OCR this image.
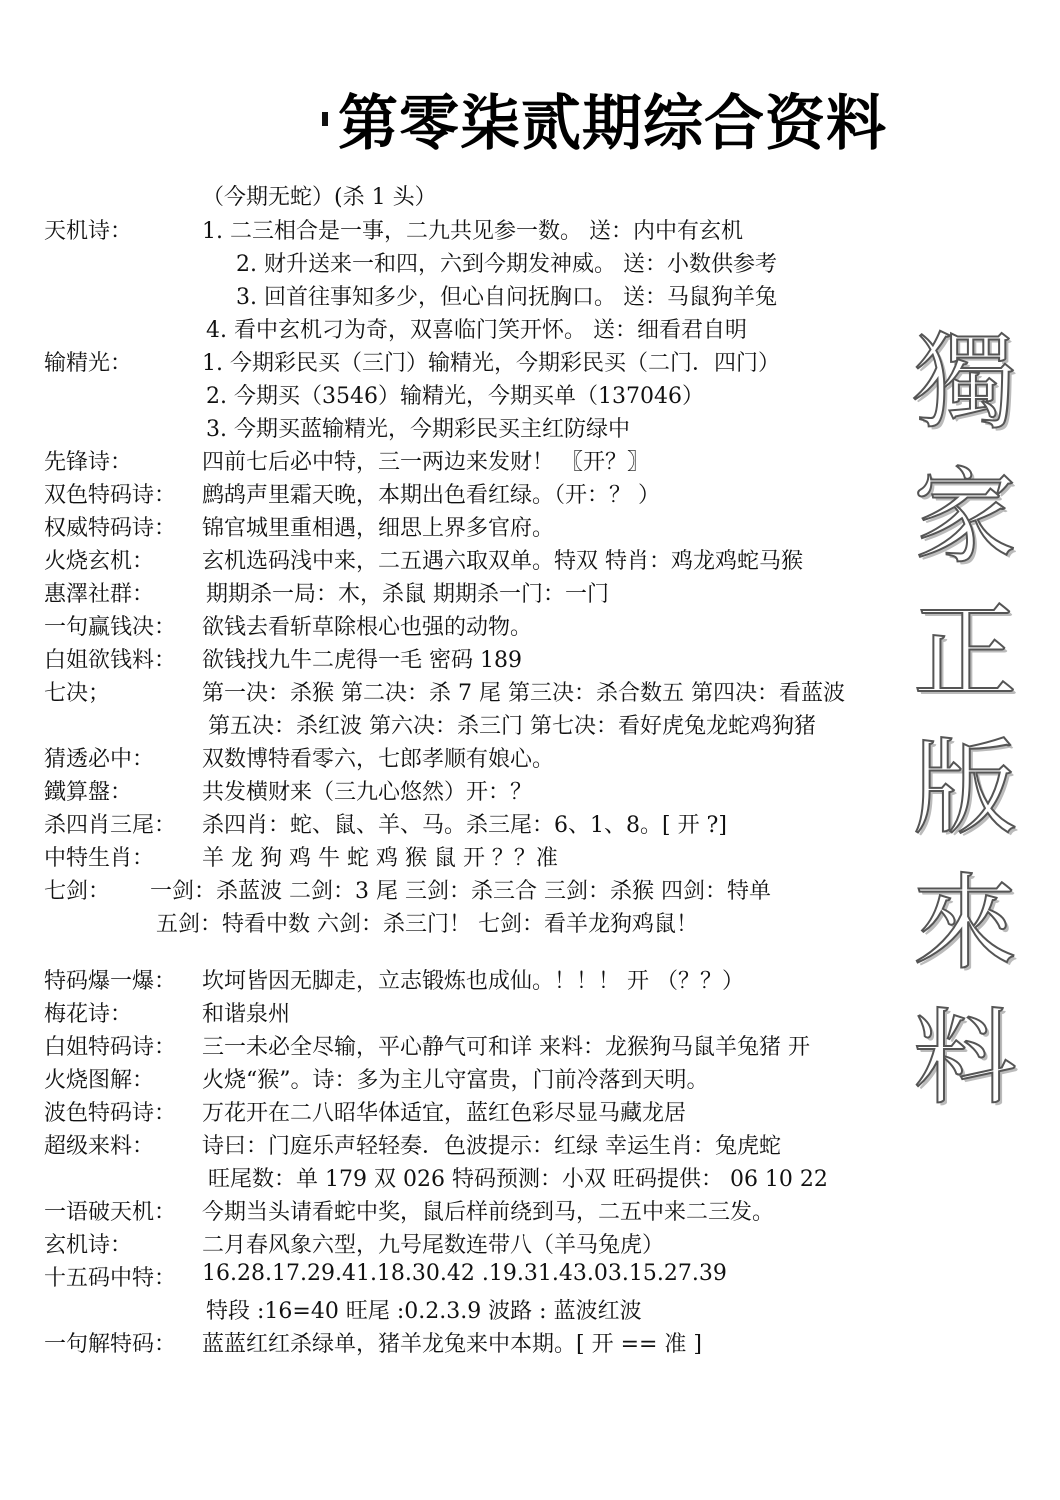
第零柒贰期综合资料
（今期无蛇）(杀 1 头）
天机诗：	1. 二三相合是一事，二九共见参一数。 送：内中有玄机
2. 财升送来一和四，六到今期发神威。 送：小数供参考
3. 回首往事知多少，但心自问抚胸口。 送：马鼠狗羊兔
4. 看中玄机刁为奇，双喜临门笑开怀。 送：细看君自明
输精光：	1. 今期彩民买（三门）输精光，今期彩民买（二门．四门）
2. 今期买（3546）输精光，今期买单（137046）
3. 今期买蓝输精光，今期彩民买主红防绿中
先锋诗：	四前七后必中特，三一两边来发财！ 〖开？〗
双色特码诗： 鹧鸪声里霜天晚，本期出色看红绿。（开：？ ）
权威特码诗： 锦官城里重相遇，细思上界多官府。
火烧玄机： 玄机选码浅中来，二五遇六取双单。特双 特肖：鸡龙鸡蛇马猴
惠澤社群： 期期杀一局：木，杀鼠 期期杀一门：一门
一句赢钱决： 欲钱去看斩草除根心也强的动物。
白姐欲钱料： 欲钱找九牛二虎得一毛 密码 189
七决；	第一决：杀猴 第二决：杀 7 尾 第三决：杀合数五 第四决：看蓝波
第五决：杀红波 第六决：杀三门 第七决：看好虎兔龙蛇鸡狗猪
猜透必中： 双数博特看零六，七郎孝顺有娘心。
鐵算盤：	共发横财来（三九心悠然）开：？
杀四肖三尾： 杀四肖：蛇、鼠、羊、马。杀三尾：6、1、8。[ 开 ?]
中特生肖： 羊 龙 狗 鸡 牛 蛇 鸡 猴 鼠 开 ？？准
七剑： 一剑：杀蓝波 二剑：3 尾 三剑：杀三合 三剑：杀猴 四剑：特单
五剑：特看中数 六剑：杀三门！ 七剑：看羊龙狗鸡鼠！
特码爆一爆： 坎坷皆因无脚走，立志锻炼也成仙。！！！ 开 （？？）
梅花诗：	和谐泉州
白姐特码诗： 三一未必全尽输，平心静气可和详 来料：龙猴狗马鼠羊兔猪 开
火烧图解： 火烧“猴”。诗：多为主儿守富贵，门前冷落到天明。
波色特码诗： 万花开在二八昭华体适宜，蓝红色彩尽显马藏龙居
超级来料： 诗曰：门庭乐声轻轻奏．色波提示：红绿 幸运生肖：兔虎蛇
旺尾数：单 179 双 026 特码预测：小双 旺码提供： 06 10 22
一语破天机： 今期当头请看蛇中奖，鼠后样前绕到马，二五中来二三发。
玄机诗：	二月春风象六型，九号尾数连带八（羊马兔虎）
十五码中特： 16.28.17.29.41.18.30.42 .19.31.43.03.15.27.39
特段 :16=40 旺尾 :0.2.3.9 波路 : 蓝波红波
一句解特码： 蓝蓝红红杀绿单，猪羊龙兔来中本期。[ 开 == 准 ]
獨
家
正
版
來
料
